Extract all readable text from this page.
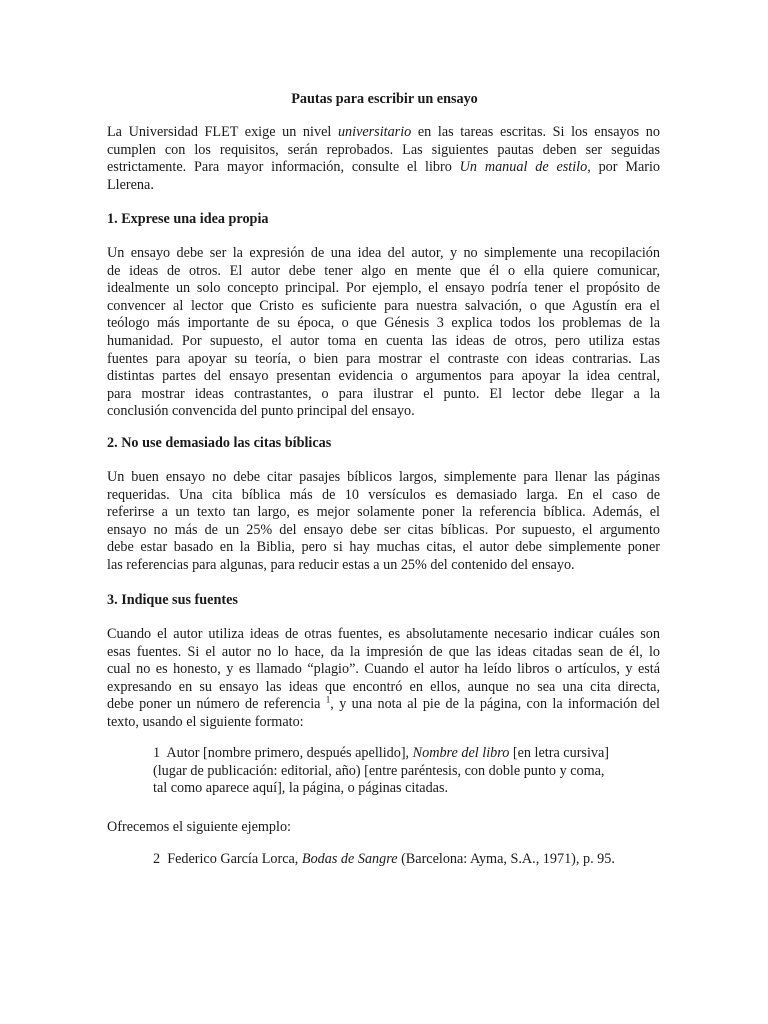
Pautas para escribir un ensayo
La Universidad FLET exige un nivel universitario en las tareas escritas. Si los ensayos no
cumplen con los requisitos, serán reprobados. Las siguientes pautas deben ser seguidas
estrictamente. Para mayor información, consulte el libro Un manual de estilo, por Mario
Llerena.
1. Exprese una idea propia
Un ensayo debe ser la expresión de una idea del autor, y no simplemente una recopilación
de ideas de otros. El autor debe tener algo en mente que él o ella quiere comunicar,
idealmente un solo concepto principal. Por ejemplo, el ensayo podría tener el propósito de
convencer al lector que Cristo es suficiente para nuestra salvación, o que Agustín era el
teólogo más importante de su época, o que Génesis 3 explica todos los problemas de la
humanidad. Por supuesto, el autor toma en cuenta las ideas de otros, pero utiliza estas
fuentes para apoyar su teoría, o bien para mostrar el contraste con ideas contrarias. Las
distintas partes del ensayo presentan evidencia o argumentos para apoyar la idea central,
para mostrar ideas contrastantes, o para ilustrar el punto. El lector debe llegar a la
conclusión convencida del punto principal del ensayo.
2. No use demasiado las citas bíblicas
Un buen ensayo no debe citar pasajes bíblicos largos, simplemente para llenar las páginas
requeridas. Una cita bíblica más de 10 versículos es demasiado larga. En el caso de
referirse a un texto tan largo, es mejor solamente poner la referencia bíblica. Además, el
ensayo no más de un 25% del ensayo debe ser citas bíblicas. Por supuesto, el argumento
debe estar basado en la Biblia, pero si hay muchas citas, el autor debe simplemente poner
las referencias para algunas, para reducir estas a un 25% del contenido del ensayo.
3. Indique sus fuentes
Cuando el autor utiliza ideas de otras fuentes, es absolutamente necesario indicar cuáles son
esas fuentes. Si el autor no lo hace, da la impresión de que las ideas citadas sean de él, lo
cual no es honesto, y es llamado “plagio”. Cuando el autor ha leído libros o artículos, y está
expresando en su ensayo las ideas que encontró en ellos, aunque no sea una cita directa,
debe poner un número de referencia $^1$, y una nota al pie de la página, con la información del
texto, usando el siguiente formato:
1  Autor [nombre primero, después apellido], Nombre del libro [en letra cursiva]
(lugar de publicación: editorial, año) [entre paréntesis, con doble punto y coma,
tal como aparece aquí], la página, o páginas citadas.

Ofrecemos el siguiente ejemplo:

2  Federico García Lorca, Bodas de Sangre (Barcelona: Ayma, S.A., 1971), p. 95.
